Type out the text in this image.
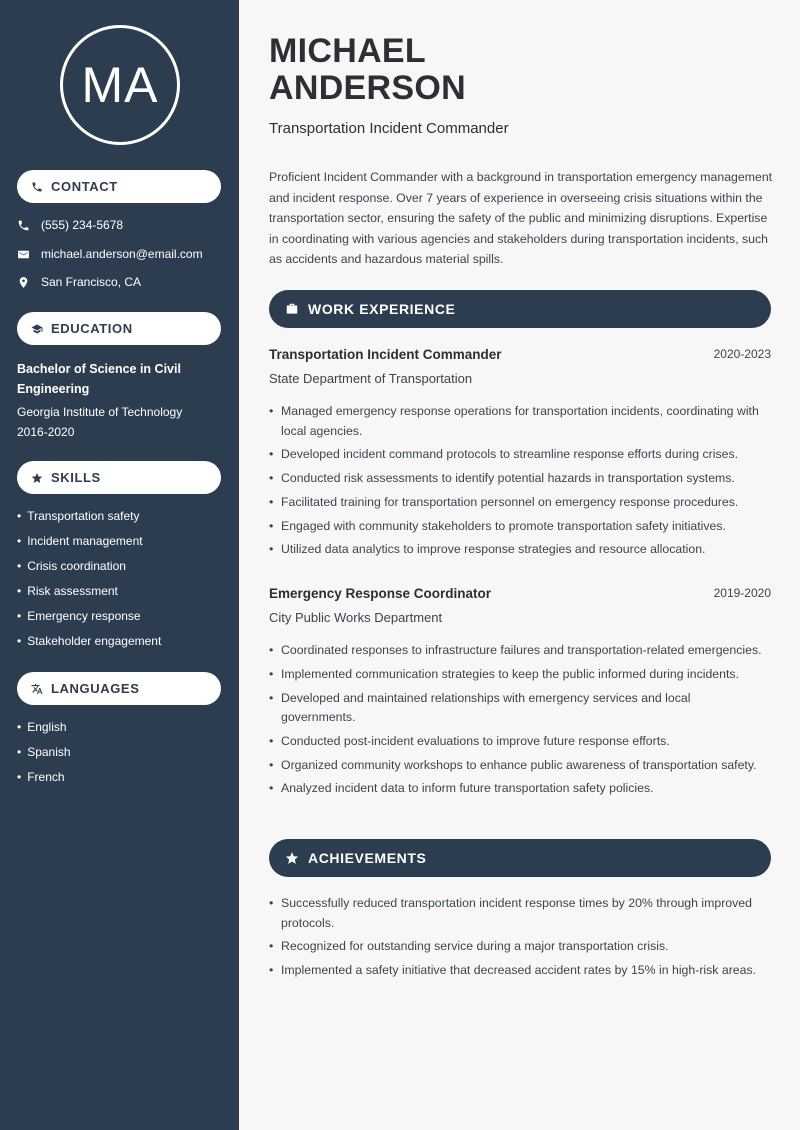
MA
CONTACT
(555) 234-5678
michael.anderson@email.com
San Francisco, CA
EDUCATION
Bachelor of Science in Civil Engineering
Georgia Institute of Technology
2016-2020
SKILLS
• Transportation safety
• Incident management
• Crisis coordination
• Risk assessment
• Emergency response
• Stakeholder engagement
LANGUAGES
• English
• Spanish
• French
MICHAEL
ANDERSON
Transportation Incident Commander
Proficient Incident Commander with a background in transportation emergency management and incident response. Over 7 years of experience in overseeing crisis situations within the transportation sector, ensuring the safety of the public and minimizing disruptions. Expertise in coordinating with various agencies and stakeholders during transportation incidents, such as accidents and hazardous material spills.
WORK EXPERIENCE
Transportation Incident Commander	2020-2023
State Department of Transportation
• Managed emergency response operations for transportation incidents, coordinating with local agencies.
• Developed incident command protocols to streamline response efforts during crises.
• Conducted risk assessments to identify potential hazards in transportation systems.
• Facilitated training for transportation personnel on emergency response procedures.
• Engaged with community stakeholders to promote transportation safety initiatives.
• Utilized data analytics to improve response strategies and resource allocation.
Emergency Response Coordinator	2019-2020
City Public Works Department
• Coordinated responses to infrastructure failures and transportation-related emergencies.
• Implemented communication strategies to keep the public informed during incidents.
• Developed and maintained relationships with emergency services and local governments.
• Conducted post-incident evaluations to improve future response efforts.
• Organized community workshops to enhance public awareness of transportation safety.
• Analyzed incident data to inform future transportation safety policies.
ACHIEVEMENTS
• Successfully reduced transportation incident response times by 20% through improved protocols.
• Recognized for outstanding service during a major transportation crisis.
• Implemented a safety initiative that decreased accident rates by 15% in high-risk areas.
